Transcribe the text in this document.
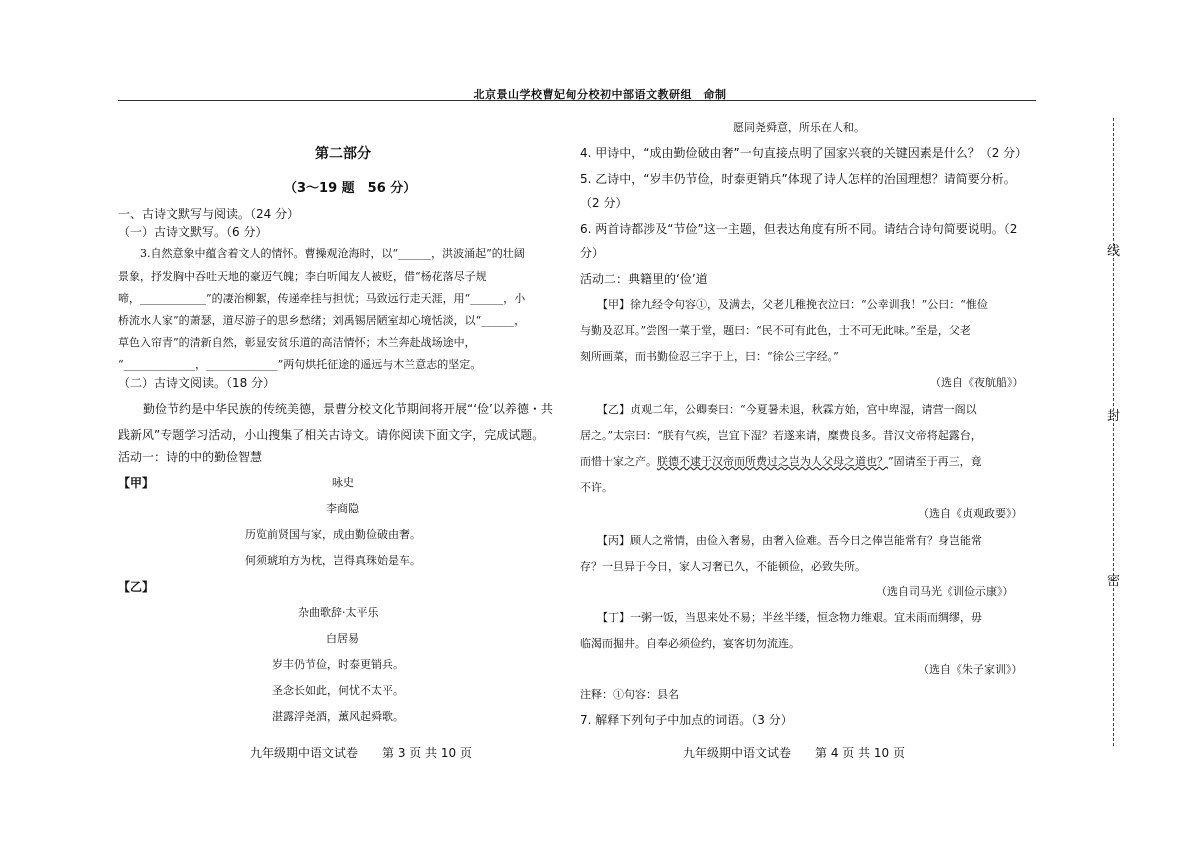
北京景山学校曹妃甸分校初中部语文教研组　命制
第二部分
（3～19 题　56 分）
一、古诗文默写与阅读。（24 分）
（一）古诗文默写。（6 分）
3.自然意象中蕴含着文人的情怀。曹操观沧海时，以“______，洪波涌起”的壮阔
景象，抒发胸中吞吐天地的豪迈气魄；李白听闻友人被贬，借“杨花落尽子规
啼，____________”的凄治柳絮，传递牵挂与担忧；马致远行走天涯，用“______，小
桥流水人家”的萧瑟，道尽游子的思乡愁绪；刘禹锡居陋室却心境恬淡，以“______，
草色入帘青”的清新自然，彰显安贫乐道的高洁情怀；木兰奔赴战场途中，
“_____________，_____________”两句烘托征途的遥远与木兰意志的坚定。
（二）古诗文阅读。（18 分）
勤俭节约是中华民族的传统美德，景曹分校文化节期间将开展“‘俭’以养德・共
践新风”专题学习活动，小山搜集了相关古诗文。请你阅读下面文字，完成试题。
活动一：诗的中的勤俭智慧
【甲】	咏史
李商隐
历览前贤国与家，成由勤俭破由奢。
何须琥珀方为枕，岂得真珠始是车。
【乙】
杂曲歌辞·太平乐
白居易
岁丰仍节俭，时泰更销兵。
圣念长如此，何忧不太平。
湛露浮尧酒，薰风起舜歌。
九年级期中语文试卷　　第 3 页 共 10 页
愿同尧舜意，所乐在人和。
4. 甲诗中，“成由勤俭破由奢”一句直接点明了国家兴衰的关键因素是什么？（2 分）
5. 乙诗中，“岁丰仍节俭，时泰更销兵”体现了诗人怎样的治国理想？请简要分析。
（2 分）
6. 两首诗都涉及“节俭”这一主题，但表达角度有所不同。请结合诗句简要说明。（2
分）
活动二：典籍里的‘俭’道
【甲】徐九经令句容①，及满去，父老儿稚挽衣泣曰：“公幸训我！”公曰：“惟俭
与勤及忍耳。”尝图一菜于堂，题曰：“民不可有此色，士不可无此味。”至是，父老
刻所画菜，而书勤俭忍三字于上，曰：“徐公三字经。”
（选自《夜航船》）
【乙】贞观二年，公卿奏曰：“今夏暑未退，秋霖方始，宫中卑湿，请营一阁以
居之。”太宗曰：“朕有气疾，岂宜下湿？若遂来请，糜费良多。昔汉文帝将起露台，
而惜十家之产。朕德不逮于汉帝而所费过之岂为人父母之道也？”固请至于再三，竟
不许。
（选自《贞观政要》）
【丙】顾人之常情，由俭入奢易，由奢入俭难。吾今日之俸岂能常有？身岂能常
存？一旦异于今日，家人习奢已久，不能顿俭，必致失所。
（选自司马光《训俭示康》）
【丁】一粥一饭，当思来处不易；半丝半缕，恒念物力维艰。宜未雨而绸缪，毋
临渴而掘井。自奉必须俭约，宴客切勿流连。
（选自《朱子家训》）
注释：①句容：县名
7. 解释下列句子中加点的词语。（3 分）
九年级期中语文试卷　　第 4 页 共 10 页
线
封
密
